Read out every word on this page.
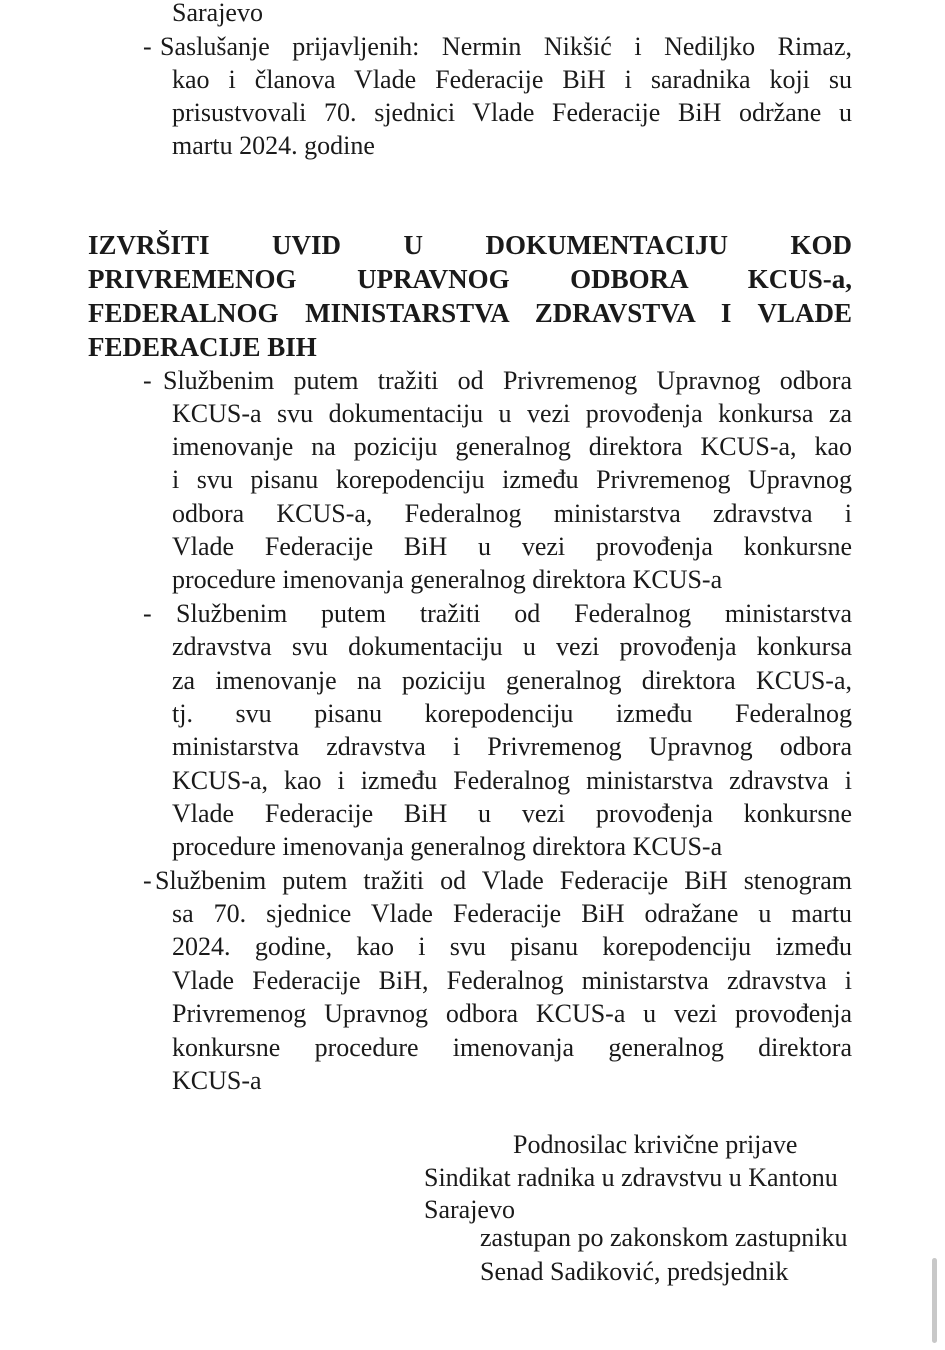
Sarajevo
- Saslušanje prijavljenih: Nermin Nikšić i Nediljko Rimaz,
kao i članova Vlade Federacije BiH i saradnika koji su
prisustvovali 70. sjednici Vlade Federacije BiH održane u
martu 2024. godine
IZVRŠITI UVID U DOKUMENTACIJU KOD
PRIVREMENOG UPRAVNOG ODBORA KCUS-a,
FEDERALNOG MINISTARSTVA ZDRAVSTVA I VLADE
FEDERACIJE BIH
- Službenim putem tražiti od Privremenog Upravnog odbora
KCUS-a svu dokumentaciju u vezi provođenja konkursa za
imenovanje na poziciju generalnog direktora KCUS-a, kao
i svu pisanu korepodenciju između Privremenog Upravnog
odbora KCUS-a, Federalnog ministarstva zdravstva i
Vlade Federacije BiH u vezi provođenja konkursne
procedure imenovanja generalnog direktora KCUS-a
- Službenim putem tražiti od Federalnog ministarstva
zdravstva svu dokumentaciju u vezi provođenja konkursa
za imenovanje na poziciju generalnog direktora KCUS-a,
tj. svu pisanu korepodenciju između Federalnog
ministarstva zdravstva i Privremenog Upravnog odbora
KCUS-a, kao i između Federalnog ministarstva zdravstva i
Vlade Federacije BiH u vezi provođenja konkursne
procedure imenovanja generalnog direktora KCUS-a
- Službenim putem tražiti od Vlade Federacije BiH stenogram
sa 70. sjednice Vlade Federacije BiH odražane u martu
2024. godine, kao i svu pisanu korepodenciju između
Vlade Federacije BiH, Federalnog ministarstva zdravstva i
Privremenog Upravnog odbora KCUS-a u vezi provođenja
konkursne procedure imenovanja generalnog direktora
KCUS-a
Podnosilac krivične prijave
Sindikat radnika u zdravstvu u Kantonu
Sarajevo
zastupan po zakonskom zastupniku
Senad Sadiković, predsjednik
